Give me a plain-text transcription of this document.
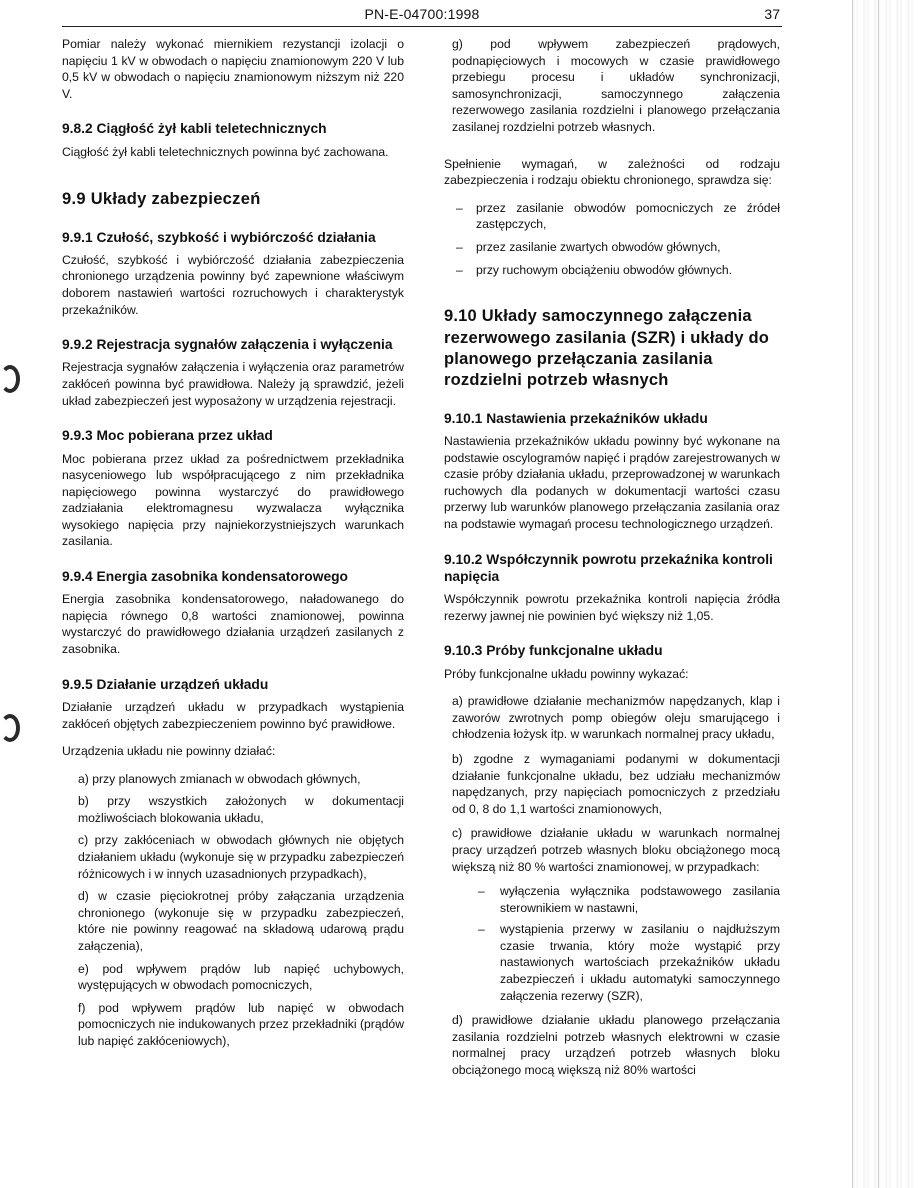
PN-E-04700:1998	37

Pomiar należy wykonać miernikiem rezystancji izolacji o napięciu 1 kV w obwodach o napięciu znamionowym 220 V lub 0,5 kV w obwodach o napięciu znamionowym niższym niż 220 V.

9.8.2 Ciągłość żył kabli teletechnicznych

Ciągłość żył kabli teletechnicznych powinna być zachowana.

9.9 Układy zabezpieczeń
9.9.1 Czułość, szybkość i wybiórczość działania

Czułość, szybkość i wybiórczość działania zabezpieczenia chronionego urządzenia powinny być zapewnione właściwym doborem nastawień wartości rozruchowych i charakterystyk przekaźników.

9.9.2 Rejestracja sygnałów załączenia i wyłączenia

Rejestracja sygnałów załączenia i wyłączenia oraz parametrów zakłóceń powinna być prawidłowa. Należy ją sprawdzić, jeżeli układ zabezpieczeń jest wyposażony w urządzenia rejestracji.

9.9.3 Moc pobierana przez układ

Moc pobierana przez układ za pośrednictwem przekładnika nasyceniowego lub współpracującego z nim przekładnika napięciowego powinna wystarczyć do prawidłowego zadziałania elektromagnesu wyzwalacza wyłącznika wysokiego napięcia przy najniekorzystniejszych warunkach zasilania.

9.9.4 Energia zasobnika kondensatorowego

Energia zasobnika kondensatorowego, naładowanego do napięcia równego 0,8 wartości znamionowej, powinna wystarczyć do prawidłowego działania urządzeń zasilanych z zasobnika.

9.9.5 Działanie urządzeń układu

Działanie urządzeń układu w przypadkach wystąpienia zakłóceń objętych zabezpieczeniem powinno być prawidłowe.

Urządzenia układu nie powinny działać:

a) przy planowych zmianach w obwodach głównych,
b) przy wszystkich założonych w dokumentacji możliwościach blokowania układu,
c) przy zakłóceniach w obwodach głównych nie objętych działaniem układu (wykonuje się w przypadku zabezpieczeń różnicowych i w innych uzasadnionych przypadkach),
d) w czasie pięciokrotnej próby załączania urządzenia chronionego (wykonuje się w przypadku zabezpieczeń, które nie powinny reagować na składową udarową prądu załączenia),
e) pod wpływem prądów lub napięć uchybowych, występujących w obwodach pomocniczych,
f) pod wpływem prądów lub napięć w obwodach pomocniczych nie indukowanych przez przekładniki (prądów lub napięć zakłóceniowych),
g) pod wpływem zabezpieczeń prądowych, podnapięciowych i mocowych w czasie prawidłowego przebiegu procesu i układów synchronizacji, samosynchronizacji, samoczynnego załączenia rezerwowego zasilania rozdzielni i planowego przełączania zasilanej rozdzielni potrzeb własnych.

Spełnienie wymagań, w zależności od rodzaju zabezpieczenia i rodzaju obiektu chronionego, sprawdza się:

– przez zasilanie obwodów pomocniczych ze źródeł zastępczych,
– przez zasilanie zwartych obwodów głównych,
– przy ruchowym obciążeniu obwodów głównych.
9.10 Układy samoczynnego załączenia rezerwowego zasilania (SZR) i układy do planowego przełączania zasilania rozdzielni potrzeb własnych
9.10.1 Nastawienia przekaźników układu

Nastawienia przekaźników układu powinny być wykonane na podstawie oscylogramów napięć i prądów zarejestrowanych w czasie próby działania układu, przeprowadzonej w warunkach ruchowych dla podanych w dokumentacji wartości czasu przerwy lub warunków planowego przełączania zasilania oraz na podstawie wymagań procesu technologicznego urządzeń.

9.10.2 Współczynnik powrotu przekaźnika kontroli napięcia

Współczynnik powrotu przekaźnika kontroli napięcia źródła rezerwy jawnej nie powinien być większy niż 1,05.

9.10.3 Próby funkcjonalne układu

Próby funkcjonalne układu powinny wykazać:

a) prawidłowe działanie mechanizmów napędzanych, klap i zaworów zwrotnych pomp obiegów oleju smarującego i chłodzenia łożysk itp. w warunkach normalnej pracy układu,
b) zgodne z wymaganiami podanymi w dokumentacji działanie funkcjonalne układu, bez udziału mechanizmów napędzanych, przy napięciach pomocniczych z przedziału od 0, 8 do 1,1 wartości znamionowych,
c) prawidłowe działanie układu w warunkach normalnej pracy urządzeń potrzeb własnych bloku obciążonego mocą większą niż 80 % wartości znamionowej, w przypadkach:
– wyłączenia wyłącznika podstawowego zasilania sterownikiem w nastawni,
– wystąpienia przerwy w zasilaniu o najdłuższym czasie trwania, który może wystąpić przy nastawionych wartościach przekaźników układu zabezpieczeń i układu automatyki samoczynnego załączenia rezerwy (SZR),
d) prawidłowe działanie układu planowego przełączania zasilania rozdzielni potrzeb własnych elektrowni w czasie normalnej pracy urządzeń potrzeb własnych bloku obciążonego mocą większą niż 80% wartości
